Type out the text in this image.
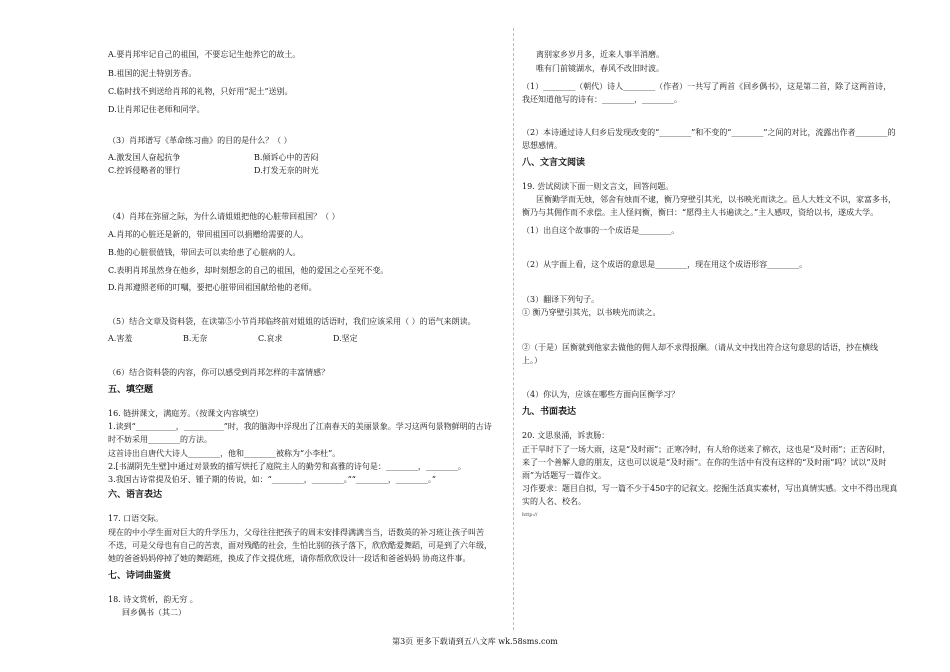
A.要肖邦牢记自己的祖国，不要忘记生他养它的故土。
B.祖国的泥土特别芳香。
C.临时找不到送给肖邦的礼物，只好用“泥土”送别。
D.让肖邦记住老师和同学。
（3）肖邦谱写《革命练习曲》的目的是什么？（ ）
A.激发国人奋起抗争	B.倾诉心中的苦闷
C.控诉侵略者的罪行	D.打发无奈的时光
（4）肖邦在弥留之际，为什么请姐姐把他的心脏带回祖国？（ ）
A.肖邦的心脏还是新的，带回祖国可以捐赠给需要的人。
B.他的心脏很值钱，带回去可以卖给患了心脏病的人。
C.表明肖邦虽然身在他乡，却时刻想念的自己的祖国，他的爱国之心至死不变。
D.肖邦遵照老师的叮嘱，要把心脏带回祖国献给他的老师。
（5）结合文章及资料袋，在读第⑤小节肖邦临终前对姐姐的话语时，我们应该采用（ ）的语气来朗读。
A.害羞	B.无奈	C.哀求	D.坚定
（6）结合资料袋的内容，你可以感受到肖邦怎样的丰富情感？
五、填空题
16. 链拼课文，满庭芳。（按课文内容填空）
1.读到“__________，__________”时，我的脑海中浮现出了江南春天的美丽景象。学习这两句景物鲜明的古诗
时不妨采用________的方法。
这首诗出自唐代大诗人________，他和________被称为“小李杜”。
2.[书湖阴先生壁]中通过对景致的描写烘托了庭院主人的勤劳和高雅的诗句是：________，________。
3.我国古诗常提及伯牙、锺子期的传说，如：“________，________。”“________，________。”
六、语言表达
17. 口语交际。
现在的中小学生面对巨大的升学压力，父母往往把孩子的周末安排得满满当当，语数英的补习班让孩子叫苦
不迭，可是父母也有自己的苦衷，面对残酷的社会，生怕比别的孩子落下，欣欣酷爱舞蹈，可是到了六年级，
她的爸爸妈妈停掉了她的舞蹈班，换成了作文提优班，请你帮欣欣设计一段话和爸爸妈妈 协商这件事。
七、诗词曲鉴赏
18. 诗文赏析，韵无穷 。
回乡偶书（其二）
离别家乡岁月多，近来人事半消磨。
唯有门前镜湖水，春风不改旧时波。
（1）________（朝代）诗人________（作者）一共写了两首《回乡偶书》，这是第二首，除了这两首诗，
我还知道他写的诗有：________，________。
（2）本诗通过诗人归乡后发现改变的“________”和不变的“________”之间的对比，流露出作者________的
思想感情。
八、文言文阅读
19. 尝试阅读下面一则文言文，回答问题。
匡衡勤学而无烛，邻舍有烛而不逮，衡乃穿壁引其光，以书映光而读之。邑人大姓文不识，家富多书，
衡乃与其佣作而不求偿。主人怪问衡，衡曰：“愿得主人书遍读之。”主人感叹，资给以书，遂成大学。
（1）出自这个故事的一个成语是________。
（2）从字面上看，这个成语的意思是________，现在用这个成语形容________。
（3）翻译下列句子。
① 衡乃穿壁引其光，以书映光而读之。
②（于是）匡衡就到他家去做他的佣人却不求得报酬。（请从文中找出符合这句意思的话语，抄在横线
上。）
（4）你认为，应该在哪些方面向匡衡学习？
九、书面表达
20. 文思泉涌，诉衷肠：
正干旱时下了一场大雨，这是“及时雨”；正寒冷时，有人给你送来了棉衣，这也是“及时雨”；正苦闷时，
来了一个善解人意的朋友，这也可以说是“及时雨”。在你的生活中有没有这样的“及时雨”吗？试以“及时
雨”为话题写一篇作文。
习作要求：题目自拟，写一篇不少于450字的记叙文。挖掘生活真实素材，写出真情实感。文中不得出现真
实的人名、校名。
http://
第3页 更多下载请到五八文库 wk.58sms.com
